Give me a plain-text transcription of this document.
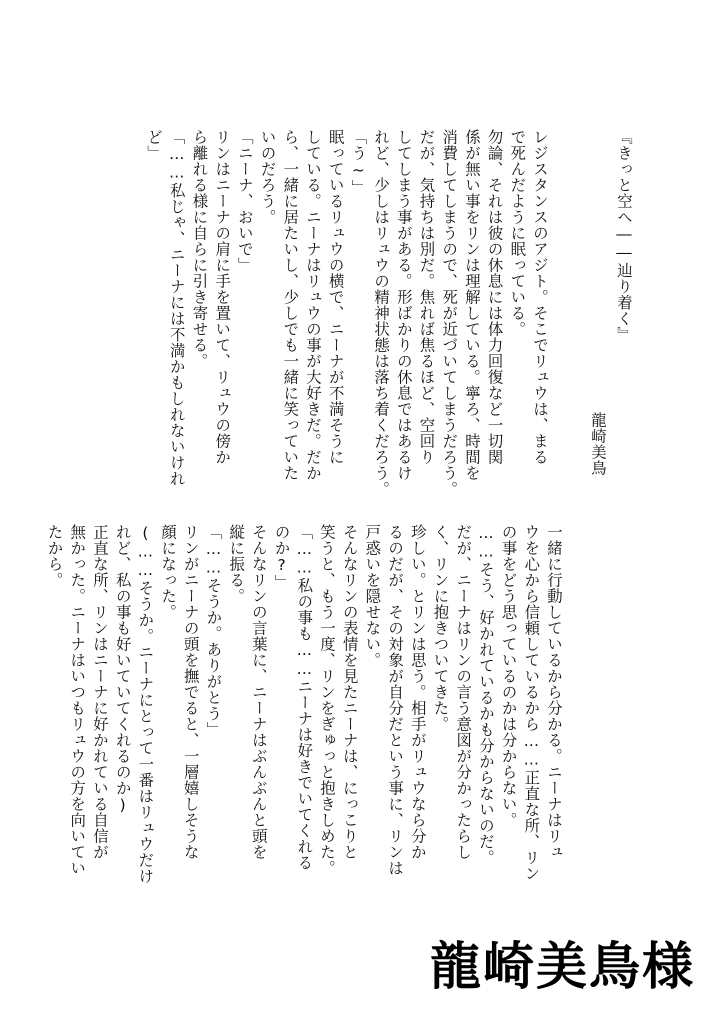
『きっと空へ――辿り着く』
龍崎美鳥
レジスタンスのアジト。そこでリュウは、まる
で死んだように眠っている。
勿論、それは彼の休息には体力回復など一切関
係が無い事をリンは理解している。寧ろ、時間を
消費してしまうので、死が近づいてしまうだろう。
だが、気持ちは別だ。焦れば焦るほど、空回り
してしまう事がある。形ばかりの休息ではあるけ
れど、少しはリュウの精神状態は落ち着くだろう。
「う~」
眠っているリュウの横で、ニーナが不満そうに
している。ニーナはリュウの事が大好きだ。だか
ら、一緒に居たいし、少しでも一緒に笑っていた
いのだろう。
「ニーナ、おいで」
リンはニーナの肩に手を置いて、リュウの傍か
ら離れる様に自らに引き寄せる。
「……私じゃ、ニーナには不満かもしれないけれ
ど」
一緒に行動しているから分かる。ニーナはリュ
ウを心から信頼しているから……正直な所、リン
の事をどう思っているのかは分からない。
……そう、好かれているかも分からないのだ。
だが、ニーナはリンの言う意図が分かったらし
く、リンに抱きついてきた。
珍しい。とリンは思う。相手がリュウなら分か
るのだが、その対象が自分だという事に、リンは
戸惑いを隠せない。
そんなリンの表情を見たニーナは、にっこりと
笑うと、もう一度、リンをぎゅっと抱きしめた。
「……私の事も……ニーナは好きでいてくれる
のか?」
そんなリンの言葉に、ニーナはぶんぶんと頭を
縦に振る。
「……そうか。ありがとう」
リンがニーナの頭を撫でると、一層嬉しそうな
顔になった。
(……そうか。ニーナにとって一番はリュウだけ
れど、私の事も好いていてくれるのか)
正直な所、リンはニーナに好かれている自信が
無かった。ニーナはいつもリュウの方を向いてい
たから。
龍崎美鳥様
